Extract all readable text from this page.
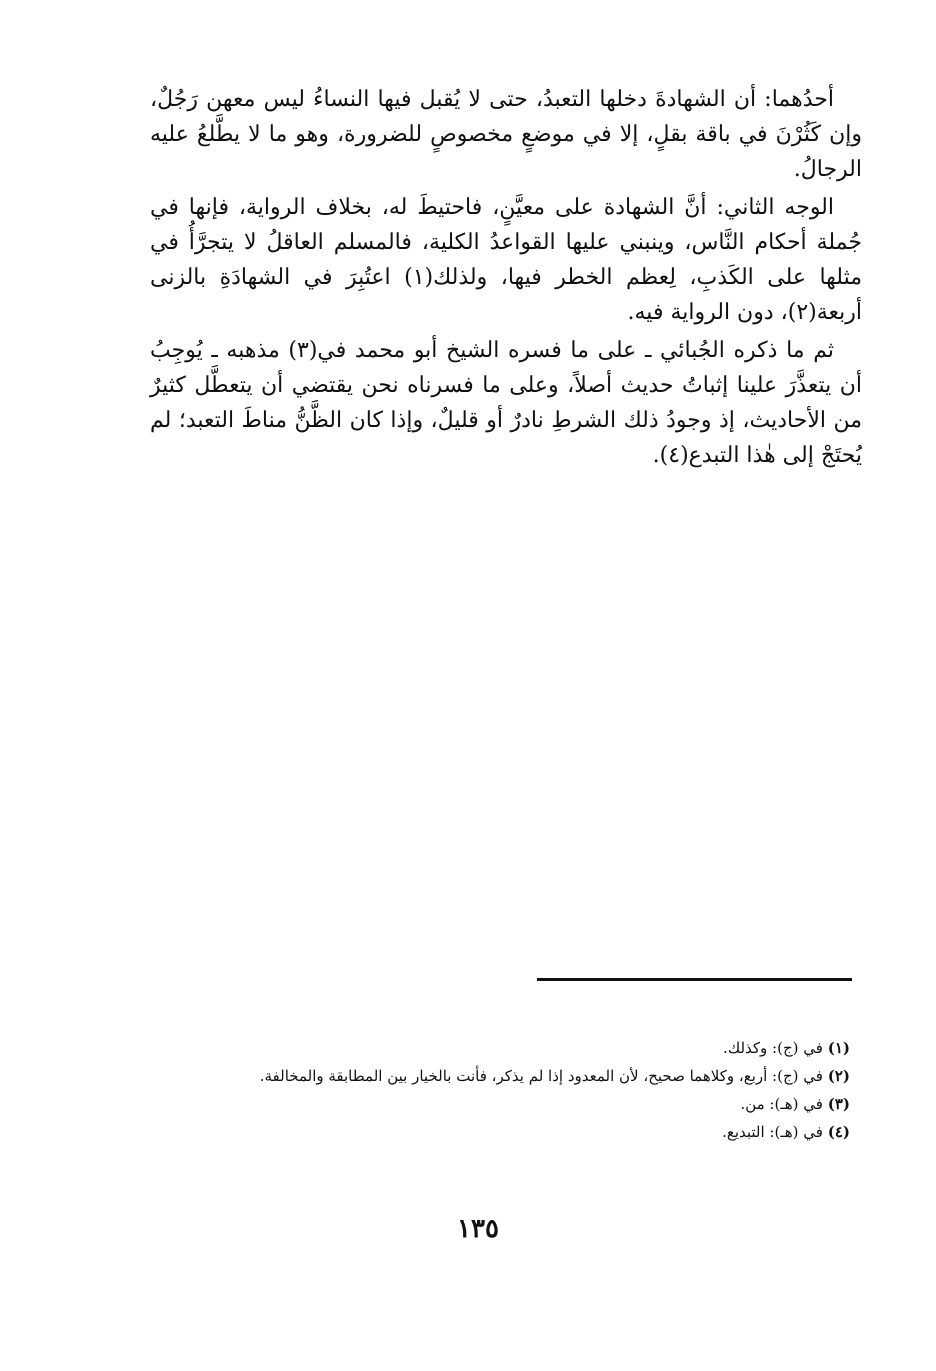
أحدُهما: أن الشهادةَ دخلها التعبدُ، حتى لا يُقبل فيها النساءُ ليس معهن رَجُلٌ، وإن كَثُرْنَ في باقة بقلٍ، إلا في موضعٍ مخصوصٍ للضرورة، وهو ما لا يطَّلعُ عليه الرجالُ.

الوجه الثاني: أنَّ الشهادة على معيَّنٍ، فاحتيطَ له، بخلاف الرواية، فإنها في جُملة أحكام النَّاس، وينبني عليها القواعدُ الكلية، فالمسلم العاقلُ لا يتجرَّأُ في مثلها على الكَذبِ، لِعظم الخطر فيها، ولذلك(١) اعتُبِرَ في الشهادَةِ بالزنى أربعة(٢)، دون الرواية فيه.

ثم ما ذكره الجُبائي ـ على ما فسره الشيخ أبو محمد في(٣) مذهبه ـ يُوجِبُ أن يتعذَّرَ علينا إثباتُ حديث أصلاً، وعلى ما فسرناه نحن يقتضي أن يتعطَّل كثيرٌ من الأحاديث، إذ وجودُ ذلك الشرطِ نادرٌ أو قليلٌ، وإذا كان الظَّنُّ مناطَ التعبد؛ لم يُحتَجْ إلى هٰذا التبدع(٤).

(١) في (ج): وكذلك.
(٢) في (ج): أربع، وكلاهما صحيح، لأن المعدود إذا لم يذكر، فأنت بالخيار بين المطابقة والمخالفة.
(٣) في (هـ): من.
(٤) في (هـ): التبديع.
١٣٥
